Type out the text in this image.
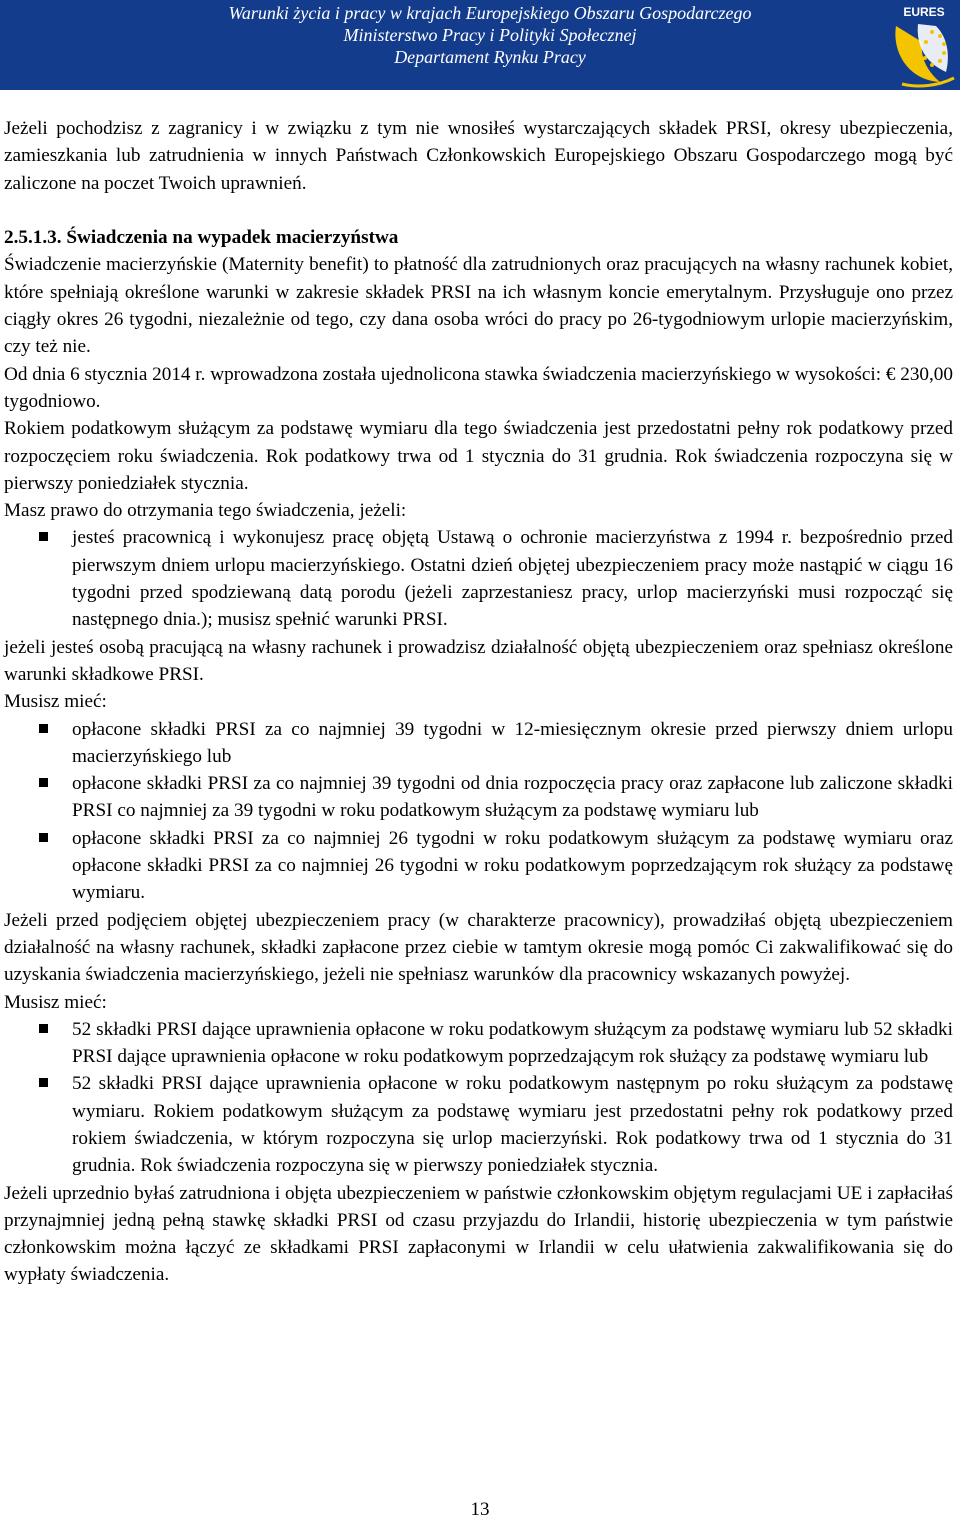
Warunki życia i pracy w krajach Europejskiego Obszaru Gospodarczego
Ministerstwo Pracy i Polityki Społecznej
Departament Rynku Pracy
EURES

Jeżeli pochodzisz z zagranicy i w związku z tym nie wnosiłeś wystarczających składek PRSI, okresy ubezpieczenia, zamieszkania lub zatrudnienia w innych Państwach Członkowskich Europejskiego Obszaru Gospodarczego mogą być zaliczone na poczet Twoich uprawnień.

2.5.1.3. Świadczenia na wypadek macierzyństwa

Świadczenie macierzyńskie (Maternity benefit) to płatność dla zatrudnionych oraz pracujących na własny rachunek kobiet, które spełniają określone warunki w zakresie składek PRSI na ich własnym koncie emerytalnym. Przysługuje ono przez ciągły okres 26 tygodni, niezależnie od tego, czy dana osoba wróci do pracy po 26-tygodniowym urlopie macierzyńskim, czy też nie.

Od dnia 6 stycznia 2014 r. wprowadzona została ujednolicona stawka świadczenia macierzyńskiego w wysokości: € 230,00 tygodniowo.

Rokiem podatkowym służącym za podstawę wymiaru dla tego świadczenia jest przedostatni pełny rok podatkowy przed rozpoczęciem roku świadczenia. Rok podatkowy trwa od 1 stycznia do 31 grudnia. Rok świadczenia rozpoczyna się w pierwszy poniedziałek stycznia.

Masz prawo do otrzymania tego świadczenia, jeżeli:

jesteś pracownicą i wykonujesz pracę objętą Ustawą o ochronie macierzyństwa z 1994 r. bezpośrednio przed pierwszym dniem urlopu macierzyńskiego. Ostatni dzień objętej ubezpieczeniem pracy może nastąpić w ciągu 16 tygodni przed spodziewaną datą porodu (jeżeli zaprzestaniesz pracy, urlop macierzyński musi rozpocząć się następnego dnia.); musisz spełnić warunki PRSI.

jeżeli jesteś osobą pracującą na własny rachunek i prowadzisz działalność objętą ubezpieczeniem oraz spełniasz określone warunki składkowe PRSI.

Musisz mieć:

opłacone składki PRSI za co najmniej 39 tygodni w 12-miesięcznym okresie przed pierwszy dniem urlopu macierzyńskiego lub
opłacone składki PRSI za co najmniej 39 tygodni od dnia rozpoczęcia pracy oraz zapłacone lub zaliczone składki PRSI co najmniej za 39 tygodni w roku podatkowym służącym za podstawę wymiaru lub
opłacone składki PRSI za co najmniej 26 tygodni w roku podatkowym służącym za podstawę wymiaru oraz opłacone składki PRSI za co najmniej 26 tygodni w roku podatkowym poprzedzającym rok służący za podstawę wymiaru.

Jeżeli przed podjęciem objętej ubezpieczeniem pracy (w charakterze pracownicy), prowadziłaś objętą ubezpieczeniem działalność na własny rachunek, składki zapłacone przez ciebie w tamtym okresie mogą pomóc Ci zakwalifikować się do uzyskania świadczenia macierzyńskiego, jeżeli nie spełniasz warunków dla pracownicy wskazanych powyżej.

Musisz mieć:

52 składki PRSI dające uprawnienia opłacone w roku podatkowym służącym za podstawę wymiaru lub 52 składki PRSI dające uprawnienia opłacone w roku podatkowym poprzedzającym rok służący za podstawę wymiaru lub
52 składki PRSI dające uprawnienia opłacone w roku podatkowym następnym po roku służącym za podstawę wymiaru. Rokiem podatkowym służącym za podstawę wymiaru jest przedostatni pełny rok podatkowy przed rokiem świadczenia, w którym rozpoczyna się urlop macierzyński. Rok podatkowy trwa od 1 stycznia do 31 grudnia. Rok świadczenia rozpoczyna się w pierwszy poniedziałek stycznia.

Jeżeli uprzednio byłaś zatrudniona i objęta ubezpieczeniem w państwie członkowskim objętym regulacjami UE i zapłaciłaś przynajmniej jedną pełną stawkę składki PRSI od czasu przyjazdu do Irlandii, historię ubezpieczenia w tym państwie członkowskim można łączyć ze składkami PRSI zapłaconymi w Irlandii w celu ułatwienia zakwalifikowania się do wypłaty świadczenia.

13
